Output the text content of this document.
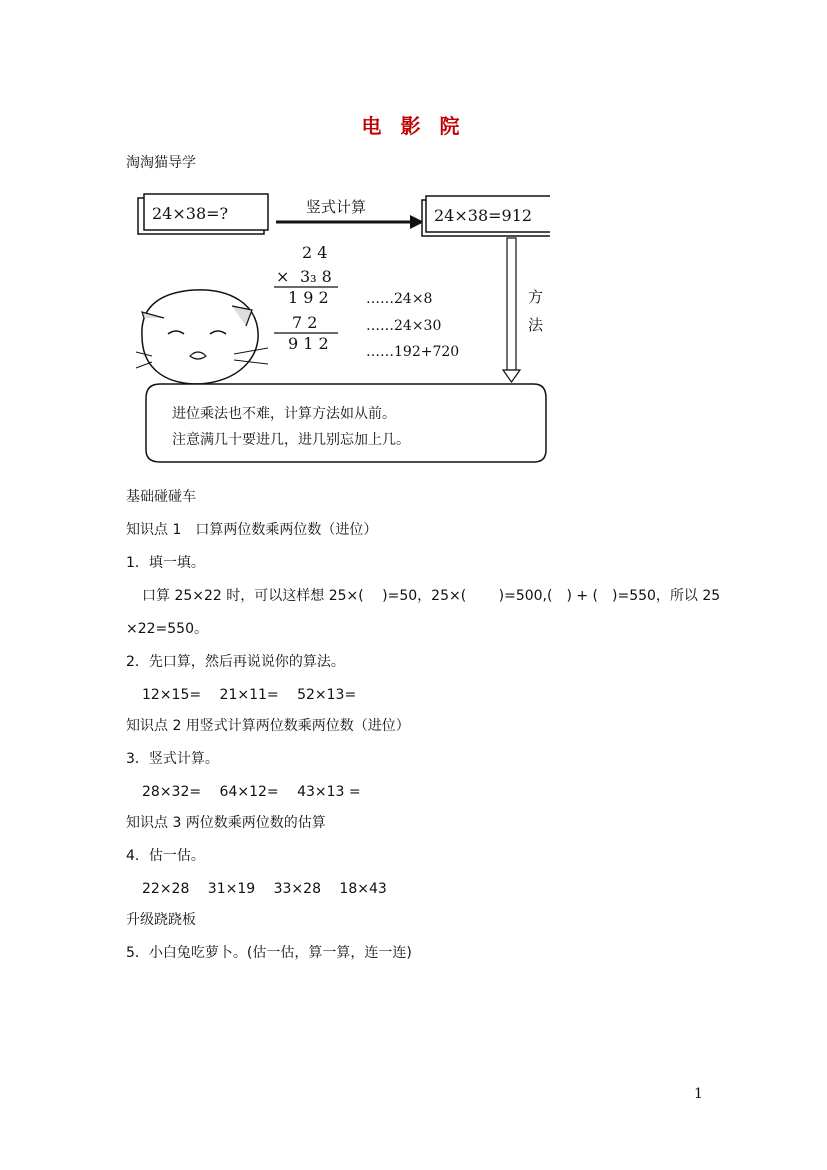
电 影 院
淘淘猫导学
24×38=?	竖式计算	24×38=912
方
法
2 4
× 3₃ 8
1 9 2
7 2
9 1 2
……24×8
……24×30
……192+720
进位乘法也不难，计算方法如从前。
注意满几十要进几，进几别忘加上几。
基础碰碰车
知识点 1　口算两位数乘两位数（进位）
1．填一填。
口算 25×22 时，可以这样想 25×(　 )=50，25×(　 　)=500,(　) + (　)=550，所以 25
×22=550。
2．先口算，然后再说说你的算法。
12×15=　 21×11=　 52×13=
知识点 2 用竖式计算两位数乘两位数（进位）
3．竖式计算。
28×32=　 64×12=　 43×13 =
知识点 3 两位数乘两位数的估算
4．估一估。
22×28　 31×19　 33×28　 18×43
升级跷跷板
5．小白兔吃萝卜。(估一估，算一算，连一连)
1
